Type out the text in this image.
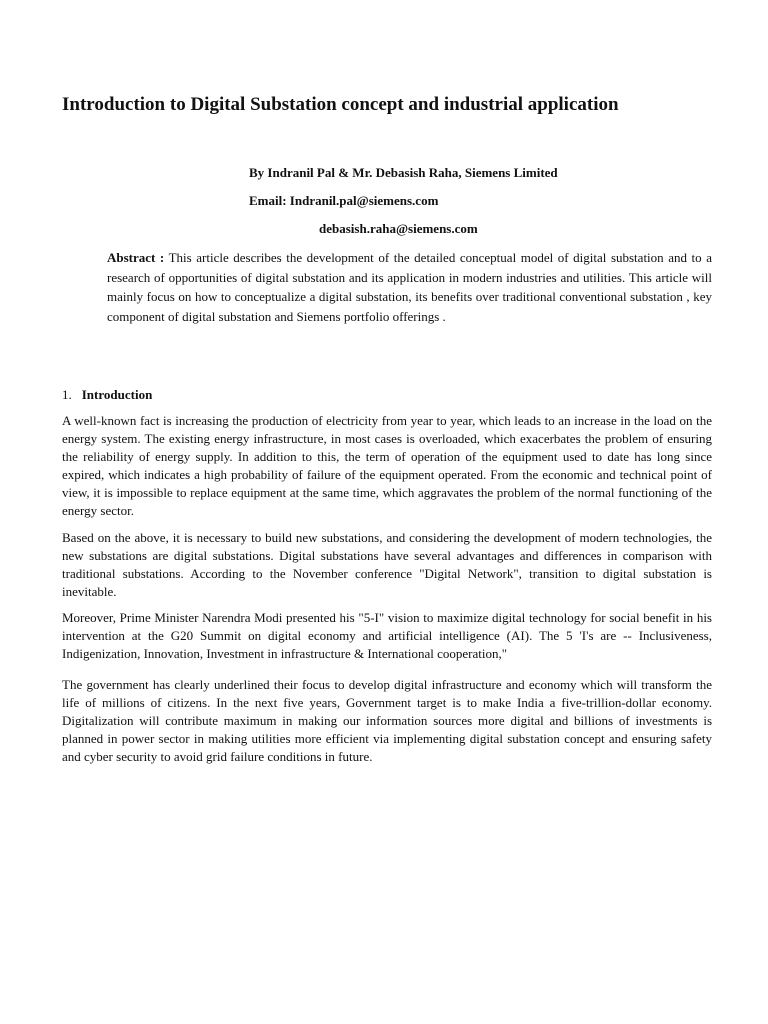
Introduction to Digital Substation concept and industrial application

By Indranil Pal & Mr. Debasish Raha, Siemens Limited

Email: Indranil.pal@siemens.com

debasish.raha@siemens.com

Abstract : This article describes the development of the detailed conceptual model of digital substation and to a research of opportunities of digital substation and its application in modern industries and utilities. This article will mainly focus on how to conceptualize a digital substation, its benefits over traditional conventional substation , key component of digital substation and Siemens portfolio offerings .

1. Introduction

A well-known fact is increasing the production of electricity from year to year, which leads to an increase in the load on the energy system. The existing energy infrastructure, in most cases is overloaded, which exacerbates the problem of ensuring the reliability of energy supply. In addition to this, the term of operation of the equipment used to date has long since expired, which indicates a high probability of failure of the equipment operated. From the economic and technical point of view, it is impossible to replace equipment at the same time, which aggravates the problem of the normal functioning of the energy sector.

Based on the above, it is necessary to build new substations, and considering the development of modern technologies, the new substations are digital substations. Digital substations have several advantages and differences in comparison with traditional substations. According to the November conference "Digital Network", transition to digital substation is inevitable.

Moreover, Prime Minister Narendra Modi presented his "5-I" vision to maximize digital technology for social benefit in his intervention at the G20 Summit on digital economy and artificial intelligence (AI). The 5 'I's are -- Inclusiveness, Indigenization, Innovation, Investment in infrastructure & International cooperation,"

The government has clearly underlined their focus to develop digital infrastructure and economy which will transform the life of millions of citizens. In the next five years, Government target is to make India a five-trillion-dollar economy. Digitalization will contribute maximum in making our information sources more digital and billions of investments is planned in power sector in making utilities more efficient via implementing digital substation concept and ensuring safety and cyber security to avoid grid failure conditions in future.
